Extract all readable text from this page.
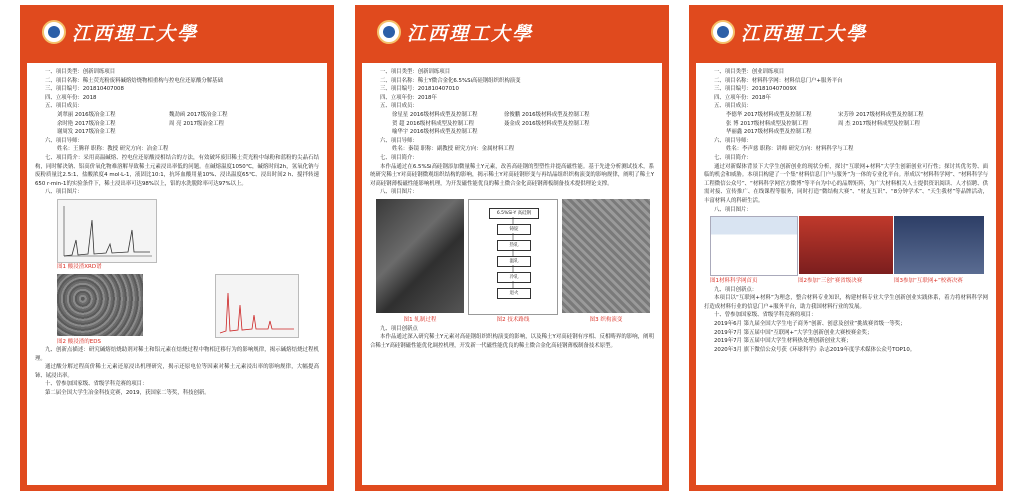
江西理工大學
一、项目类型：创新训练项目
二、项目名称：稀土荧光粉废料碱熔焙烧物相重构与控电位还原酸分解基础
三、项目编号：201810407008
四、立项年份：2018
五、项目成员：
刘翠丽 2016级冶金工程	魏劲函 2017级冶金工程
余时艳 2017级冶金工程	周 亮 2017级冶金工程
谢周发 2017级冶金工程
六、项目导师：
姓名：王腾祥 职称：教授 研究方向：冶金工程
七、项目简介：采用高温碱熔、控电位还原酸浸相结合的方法，有效破坏废旧稀土荧光粉中绿粉和蓝粉的尖晶石结构，同时解决钠、铝高价氧化物难溶解导致稀土元素浸出率低的问题。在碱熔温度1050℃，碱熔时间2h，氢氧化钠与废粉质量比2.5:1、盐酸浓度4 mol·L-1，液固比10:1，抗坏血酸用量10%、浸出温度65℃、浸出时间2 h、搅拌转速650 r·min-1的实验条件下，稀土浸出率可达98%以上，铝的水洗脱除率可达97%以上。
八、项目图片：
图1 酸浸渣XRD谱
图2 酸浸渣的EDS
九、创新点描述：研究碱熔焙烧助剂对稀土和铝元素在焙烧过程中物相迁移行为的影响规律，揭示碱熔焙烧过程机理。
通过酸分解过程高价稀土元素还原浸出机理研究，揭示还原电位等因素对稀土元素浸出率的影响规律，大幅提高铈、铽浸出率。
十、曾参加国家级、省级学科竞赛的项目：
第二届全国大学生冶金科技竞赛，2019，获国家二等奖，科技创新。
江西理工大學
一、项目类型：创新训练项目
二、项目名称：稀土Y微合金化6.5%Si高硅钢组织织构演变
三、项目编号：201810407010
四、立项年份：2018年
五、项目成员：
徐星星 2016级材料成型及控制工程	徐俊鹏 2016级材料成型及控制工程
贺 超 2016级材料成型及控制工程	聂金成 2016级材料成型及控制工程
喻华宇 2016级材料成型及控制工程
六、项目导师：
姓名：秦镜 职称：副教授 研究方向：金属材料工程
七、项目简介：
本作品通过在6.5%Si高硅钢添加微量稀土Y元素，改善高硅钢的塑塑性并提高磁性能。基于先进分析测试技术，系统研究稀土Y对高硅钢微观组织结构的影响，揭示稀土Y对高硅钢形变与再结晶组织织构演变的影响规律，阐明了稀土Y对高硅钢薄板磁性能影响机理，为开发磁性能优良的稀土微合金化高硅钢薄板制备技术提供理论支撑。
八、项目图片：
6.5%Si-Y 高硅钢
铸锭
热轧
温轧
冷轧
退火
图1 轧制过程	图2 技术路线	图3 织构演变
九、项目创新点
本作品通过深入研究稀土Y元素对高硅钢组织织构演变的影响，以及稀土Y对高硅钢有序相、反相畴界的影响，阐明合稀土Y高硅钢磁性能优化调控机理，开发新一代磁性能优良的稀土微合金化高硅钢薄板制备技术原型。
江西理工大學
一、项目类型：创业训练项目
二、项目名称：材料科学网：材料信息门户+服务平台
三、项目编号：201810407009X
四、立项年份：2018年
五、项目成员：
李德华 2017级材料成型及控制工程	宋芳珍 2017级材料成型及控制工程
张 博 2017级材料成型及控制工程	周 杰 2017级材料成型及控制工程
华丽鑫 2017级材料成型及控制工程
六、项目导师：
姓名：李声慈 职称：讲师 研究方向：材料科学与工程
七、项目简介：
通过对新媒体背景下大学生创新创业的现状分析，探讨“互联网+材料”大学生创新创业可行性；探讨其优劣势、面临的机会和威胁。本项目构建了一个集“材料信息门户与服务”为一体的专业化平台。形成以“材料科学网”、“材料科学与工程微信公众号”、“材料科学网官方微博”等平台为中心的品牌矩阵，为广大材料相关人士提供资讯阅读、人才招聘、供需对接、宣传推广、在线课程等服务，同时打造“微结构大赛”、“材友互识”、“8分钟学术”、“天生我材”等品牌活动，丰富材料人的科研生活。
八、项目图片：
图1材料科学网首页	图2参加“三创”赛省级决赛	图3参加“互联网+”校赛决赛
九、项目创新点：
本项目以“互联网+材料”为理念，整合材料专业知识，构建材料专业大学生创新创业实践体系，着力将材料科学网打造成材料行业的信息门户+服务平台，助力我国材料行业的发展。
十、曾参加国家级、省级学科竞赛的项目：
2019年6月 第九届全国大学生电子商务“创新、创意及创业”挑战赛省级一等奖；
2019年7月 第五届中国“互联网+”大学生创新创业大赛校赛金奖；
2019年7月 第五届中国大学生材料热处理创新创业大赛；
2020年3月 旗下微信公众号获《环球科学》杂志2019年度学术媒体公众号TOP10。
